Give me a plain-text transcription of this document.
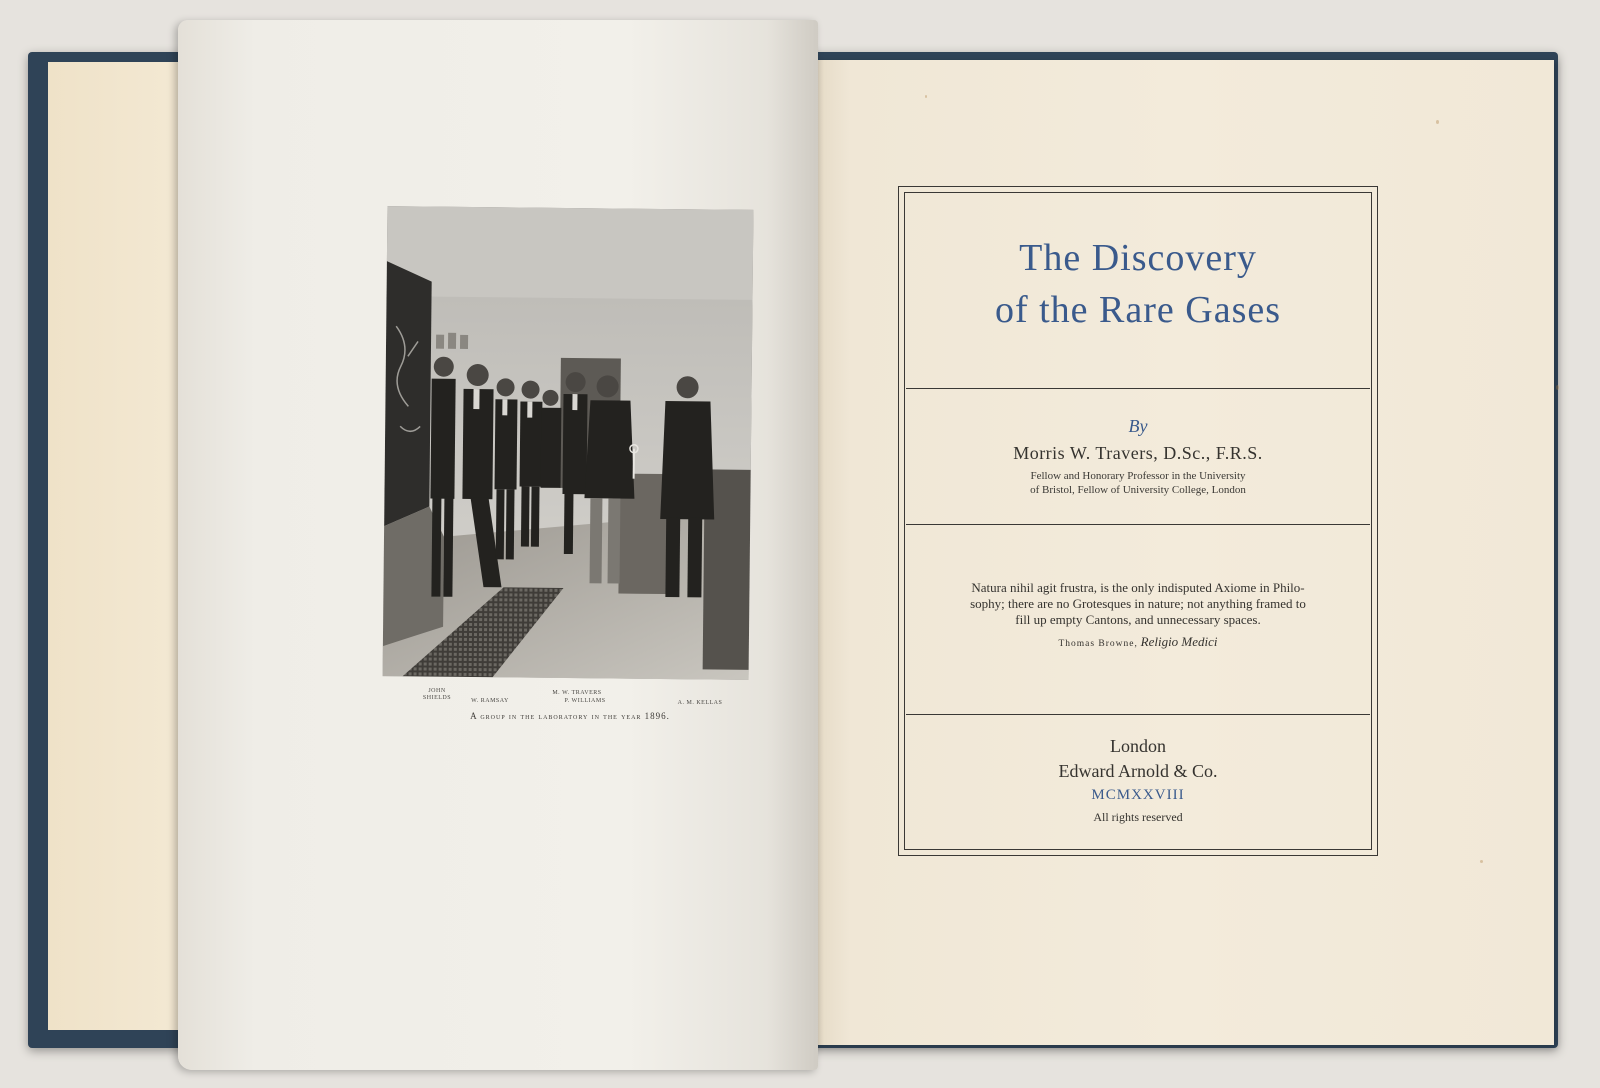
JOHN
SHIELDS	W. RAMSAY
M. W. TRAVERS
P. WILLIAMS	A. M. KELLAS
A group in the laboratory in the year 1896.
The Discovery
of the Rare Gases
By
Morris W. Travers, D.Sc., F.R.S.
Fellow and Honorary Professor in the University
of Bristol, Fellow of University College, London
Natura nihil agit frustra, is the only indisputed Axiome in Philo-
sophy; there are no Grotesques in nature; not anything framed to
fill up empty Cantons, and unnecessary spaces.
Thomas Browne, Religio Medici
London
Edward Arnold & Co.
MCMXXVIII
All rights reserved
